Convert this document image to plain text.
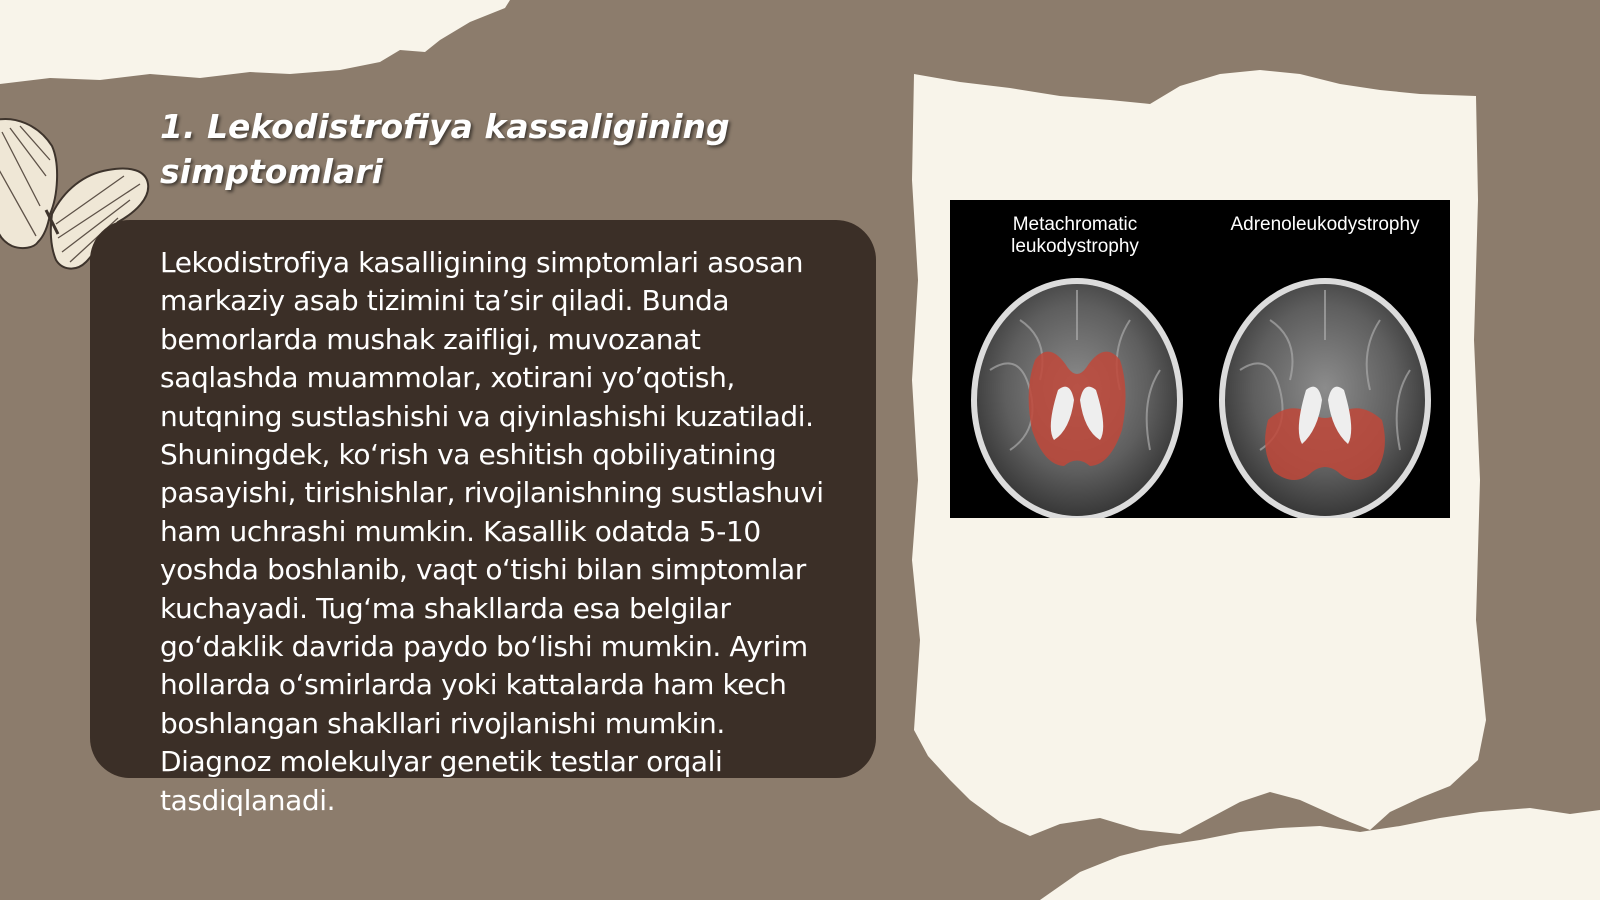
1. Lekodistrofiya kassaligining simptomlari

Lekodistrofiya kasalligining simptomlari asosan markaziy asab tizimini ta’sir qiladi. Bunda bemorlarda mushak zaifligi, muvozanat saqlashda muammolar, xotirani yo’qotish, nutqning sustlashishi va qiyinlashishi kuzatiladi. Shuningdek, ko‘rish va eshitish qobiliyatining pasayishi, tirishishlar, rivojlanishning sustlashuvi ham uchrashi mumkin. Kasallik odatda 5-10 yoshda boshlanib, vaqt o‘tishi bilan simptomlar kuchayadi. Tug‘ma shakllarda esa belgilar go‘daklik davrida paydo bo‘lishi mumkin. Ayrim hollarda o‘smirlarda yoki kattalarda ham kech boshlangan shakllari rivojlanishi mumkin. Diagnoz molekulyar genetik testlar orqali tasdiqlanadi.

Metachromatic leukodystrophy

Adrenoleukodystrophy
